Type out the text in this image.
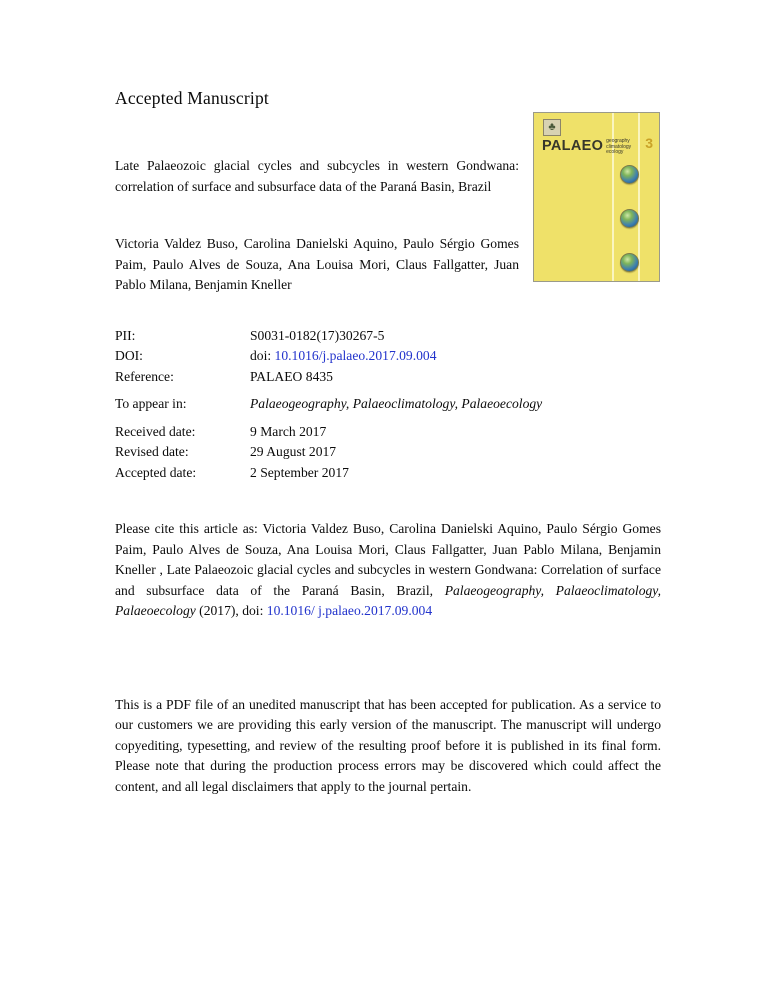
Accepted Manuscript
Late Palaeozoic glacial cycles and subcycles in western Gondwana: correlation of surface and subsurface data of the Paraná Basin, Brazil
Victoria Valdez Buso, Carolina Danielski Aquino, Paulo Sérgio Gomes Paim, Paulo Alves de Souza, Ana Louisa Mori, Claus Fallgatter, Juan Pablo Milana, Benjamin Kneller
PII:	S0031-0182(17)30267-5
DOI:	doi: 10.1016/j.palaeo.2017.09.004
Reference:	PALAEO 8435
To appear in:	Palaeogeography, Palaeoclimatology, Palaeoecology
Received date:	9 March 2017
Revised date:	29 August 2017
Accepted date:	2 September 2017
Please cite this article as: Victoria Valdez Buso, Carolina Danielski Aquino, Paulo Sérgio Gomes Paim, Paulo Alves de Souza, Ana Louisa Mori, Claus Fallgatter, Juan Pablo Milana, Benjamin Kneller , Late Palaeozoic glacial cycles and subcycles in western Gondwana: Correlation of surface and subsurface data of the Paraná Basin, Brazil, Palaeogeography, Palaeoclimatology, Palaeoecology (2017), doi: 10.1016/ j.palaeo.2017.09.004
This is a PDF file of an unedited manuscript that has been accepted for publication. As a service to our customers we are providing this early version of the manuscript. The manuscript will undergo copyediting, typesetting, and review of the resulting proof before it is published in its final form. Please note that during the production process errors may be discovered which could affect the content, and all legal disclaimers that apply to the journal pertain.
♣
PALAEO geography
climatology
ecology
3
